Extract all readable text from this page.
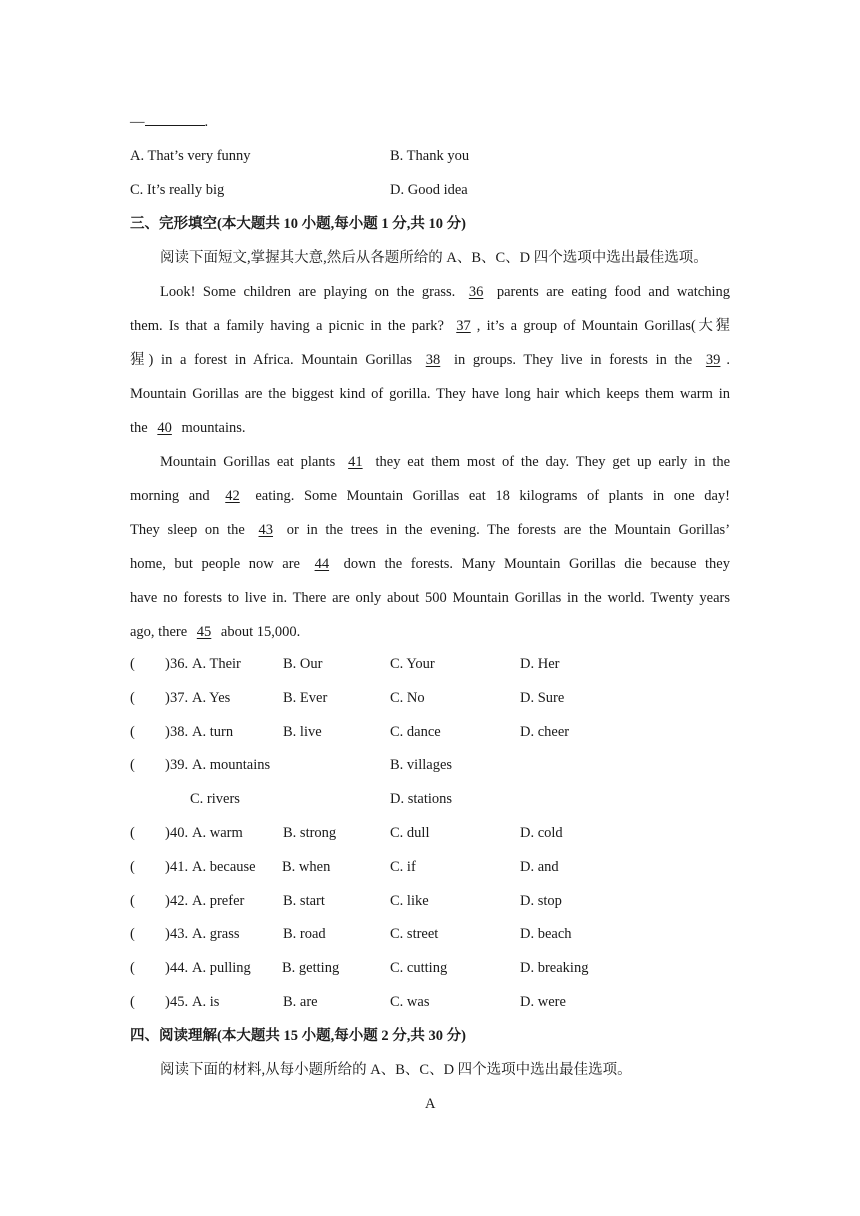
—	.
A. That’s very funny	B. Thank you
C. It’s really big	D. Good idea
三、完形填空(本大题共 10 小题,每小题 1 分,共 10 分)
阅读下面短文,掌握其大意,然后从各题所给的 A、B、C、D 四个选项中选出最佳选项。
Look! Some children are playing on the grass. 36 parents are eating food and watching
them. Is that a family having a picnic in the park? 37 , it’s a group of Mountain Gorillas(大猩
猩) in a forest in Africa. Mountain Gorillas 38 in groups. They live in forests in the 39 .
Mountain Gorillas are the biggest kind of gorilla. They have long hair which keeps them warm in
the 40 mountains.
Mountain Gorillas eat plants 41 they eat them most of the day. They get up early in the
morning and 42 eating. Some Mountain Gorillas eat 18 kilograms of plants in one day!
They sleep on the 43 or in the trees in the evening. The forests are the Mountain Gorillas’
home, but people now are 44 down the forests. Many Mountain Gorillas die because they
have no forests to live in. There are only about 500 Mountain Gorillas in the world. Twenty years
ago, there 45 about 15,000.
( ) 36. A. Their	B. Our	C. Your	D. Her
( ) 37. A. Yes	B. Ever	C. No	D. Sure
( ) 38. A. turn	B. live	C. dance	D. cheer
( ) 39. A. mountains	B. villages
C. rivers	D. stations
( ) 40. A. warm	B. strong	C. dull	D. cold
( ) 41. A. because B. when	C. if	D. and
( ) 42. A. prefer	B. start	C. like	D. stop
( ) 43. A. grass	B. road	C. street	D. beach
( ) 44. A. pulling B. getting	C. cutting	D. breaking
( ) 45. A. is	B. are	C. was	D. were
四、阅读理解(本大题共 15 小题,每小题 2 分,共 30 分)
阅读下面的材料,从每小题所给的 A、B、C、D 四个选项中选出最佳选项。
A
